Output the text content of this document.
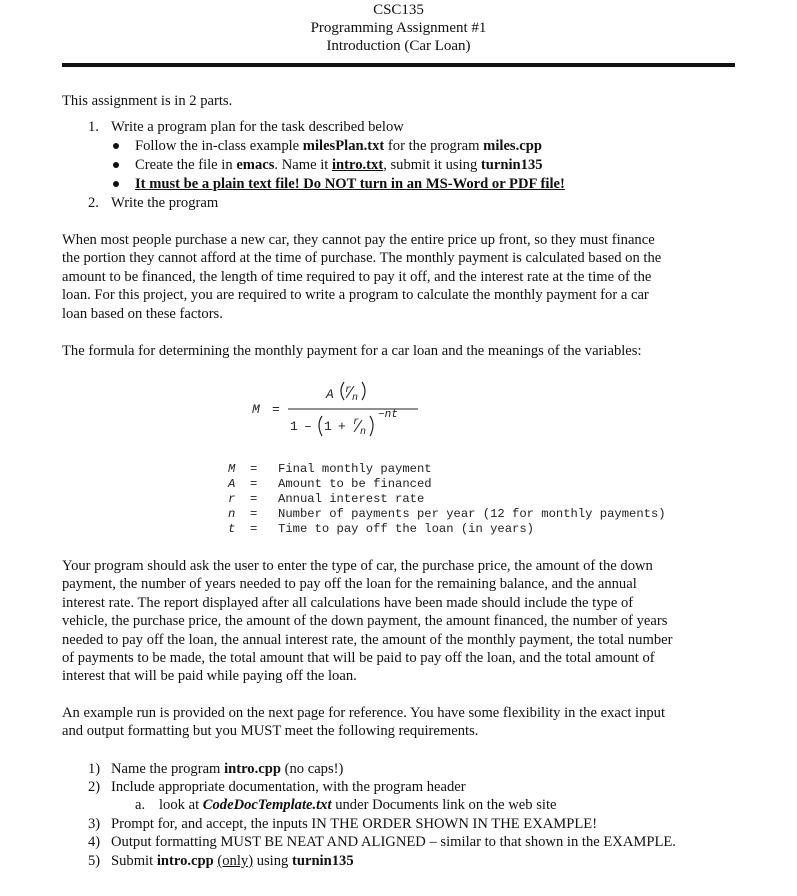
CSC135
Programming Assignment #1
Introduction (Car Loan)
This assignment is in 2 parts.
1. Write a program plan for the task described below
Follow the in-class example milesPlan.txt for the program miles.cpp
Create the file in emacs. Name it intro.txt, submit it using turnin135
It must be a plain text file! Do NOT turn in an MS-Word or PDF file!
2. Write the program
When most people purchase a new car, they cannot pay the entire price up front, so they must finance
the portion they cannot afford at the time of purchase. The monthly payment is calculated based on the
amount to be financed, the length of time required to pay it off, and the interest rate at the time of the
loan. For this project, you are required to write a program to calculate the monthly payment for a car
loan based on these factors.
The formula for determining the monthly payment for a car loan and the meanings of the variables:
M =
A r
n
1 – 1 + r
n
−nt
M = Final monthly payment
A = Amount to be financed
r = Annual interest rate
n = Number of payments per year (12 for monthly payments)
t = Time to pay off the loan (in years)
Your program should ask the user to enter the type of car, the purchase price, the amount of the down
payment, the number of years needed to pay off the loan for the remaining balance, and the annual
interest rate. The report displayed after all calculations have been made should include the type of
vehicle, the purchase price, the amount of the down payment, the amount financed, the number of years
needed to pay off the loan, the annual interest rate, the amount of the monthly payment, the total number
of payments to be made, the total amount that will be paid to pay off the loan, and the total amount of
interest that will be paid while paying off the loan.
An example run is provided on the next page for reference. You have some flexibility in the exact input
and output formatting but you MUST meet the following requirements.
1) Name the program intro.cpp (no caps!)
2) Include appropriate documentation, with the program header
a. look at CodeDocTemplate.txt under Documents link on the web site
3) Prompt for, and accept, the inputs IN THE ORDER SHOWN IN THE EXAMPLE!
4) Output formatting MUST BE NEAT AND ALIGNED – similar to that shown in the EXAMPLE.
5) Submit intro.cpp (only) using turnin135
